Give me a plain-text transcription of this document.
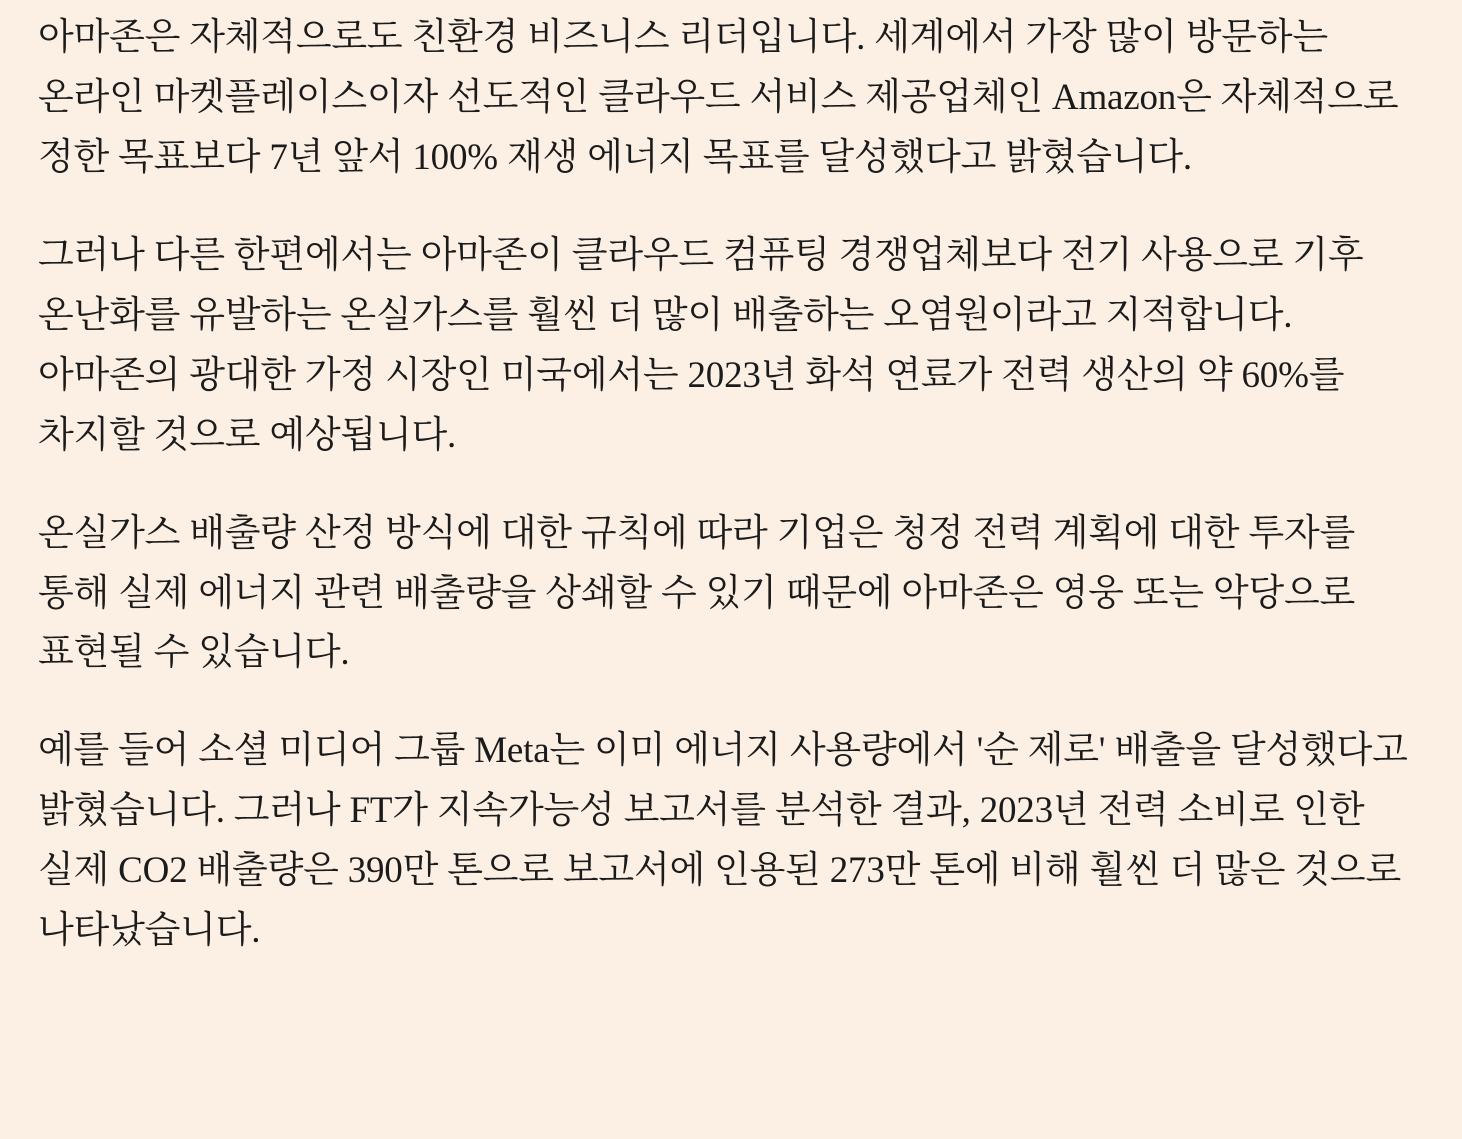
아마존은 자체적으로도 친환경 비즈니스 리더입니다. 세계에서 가장 많이 방문하는 온라인 마켓플레이스이자 선도적인 클라우드 서비스 제공업체인 Amazon은 자체적으로 정한 목표보다 7년 앞서 100% 재생 에너지 목표를 달성했다고 밝혔습니다.

그러나 다른 한편에서는 아마존이 클라우드 컴퓨팅 경쟁업체보다 전기 사용으로 기후 온난화를 유발하는 온실가스를 훨씬 더 많이 배출하는 오염원이라고 지적합니다. 아마존의 광대한 가정 시장인 미국에서는 2023년 화석 연료가 전력 생산의 약 60%를 차지할 것으로 예상됩니다.

온실가스 배출량 산정 방식에 대한 규칙에 따라 기업은 청정 전력 계획에 대한 투자를 통해 실제 에너지 관련 배출량을 상쇄할 수 있기 때문에 아마존은 영웅 또는 악당으로 표현될 수 있습니다.

예를 들어 소셜 미디어 그룹 Meta는 이미 에너지 사용량에서 '순 제로' 배출을 달성했다고 밝혔습니다. 그러나 FT가 지속가능성 보고서를 분석한 결과, 2023년 전력 소비로 인한 실제 CO2 배출량은 390만 톤으로 보고서에 인용된 273만 톤에 비해 훨씬 더 많은 것으로 나타났습니다.
